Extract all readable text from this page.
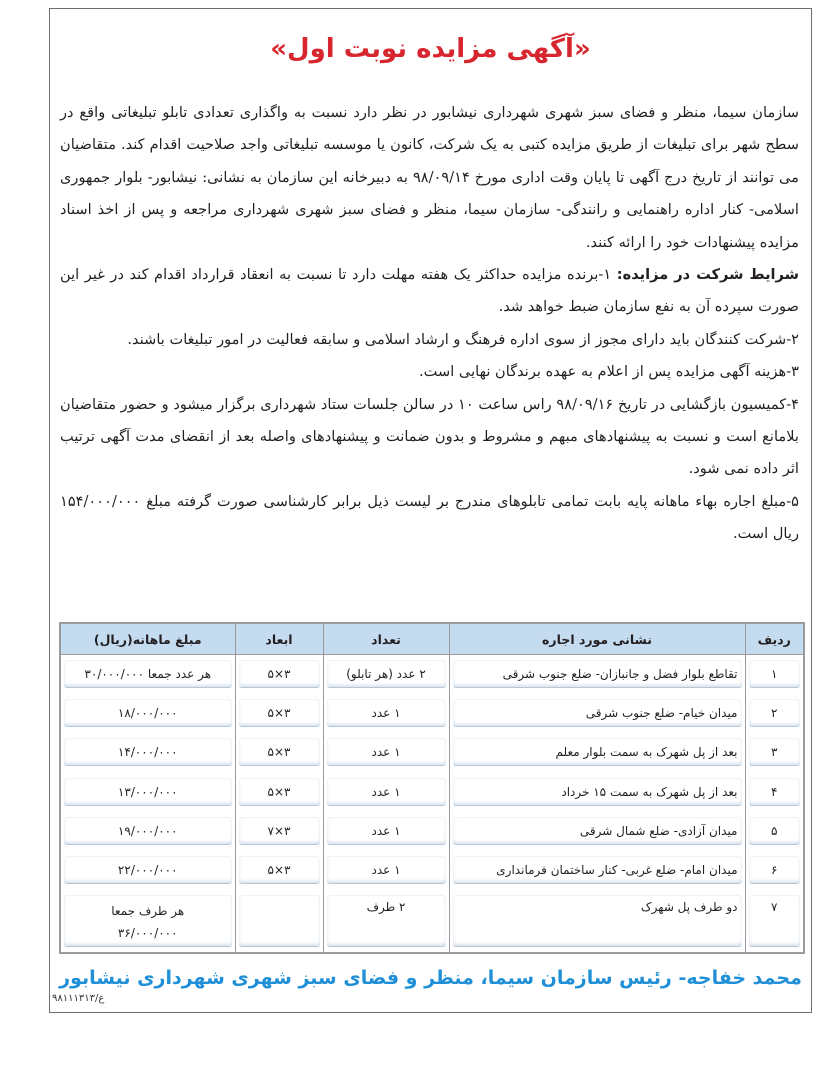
«آگهی مزایده نوبت اول»

سازمان سیما، منظر و فضای سبز شهری شهرداری نیشابور در نظر دارد نسبت به واگذاری تعدادی تابلو تبلیغاتی واقع در سطح شهر برای تبلیغات از طریق مزایده کتبی به یک شرکت، کانون یا موسسه تبلیغاتی واجد صلاحیت اقدام کند. متقاضیان می توانند از تاریخ درج آگهی تا پایان وقت اداری مورخ ۹۸/۰۹/۱۴ به دبیرخانه این سازمان به نشانی: نیشابور- بلوار جمهوری اسلامی- کنار اداره راهنمایی و رانندگی- سازمان سیما، منظر و فضای سبز شهری شهرداری مراجعه و پس از اخذ اسناد مزایده پیشنهادات خود را ارائه کنند.

شرایط شرکت در مزایده: ۱-برنده مزایده حداکثر یک هفته مهلت دارد تا نسبت به انعقاد قرارداد اقدام کند در غیر این صورت سپرده آن به نفع سازمان ضبط خواهد شد.

۲-شرکت کنندگان باید دارای مجوز از سوی اداره فرهنگ و ارشاد اسلامی و سابقه فعالیت در امور تبلیغات باشند.

۳-هزینه آگهی مزایده پس از اعلام به عهده برندگان نهایی است.

۴-کمیسیون بازگشایی در تاریخ ۹۸/۰۹/۱۶ راس ساعت ۱۰ در سالن جلسات ستاد شهرداری برگزار میشود و حضور متقاضیان بلامانع است و نسبت به پیشنهادهای مبهم و مشروط و بدون ضمانت و پیشنهادهای واصله بعد از انقضای مدت آگهی ترتیب اثر داده نمی شود.

۵-مبلغ اجاره بهاء ماهانه پایه بابت تمامی تابلوهای مندرج بر لیست ذیل برابر کارشناسی صورت گرفته مبلغ ۱۵۴/۰۰۰/۰۰۰ ریال است.

ردیف	نشانی مورد اجاره	تعداد	ابعاد	مبلغ ماهانه(ریال)

۱	تقاطع بلوار فضل و جانبازان- ضلع جنوب شرقی	۲ عدد (هر تابلو)	۳×۵	هر عدد جمعا ۳۰/۰۰۰/۰۰۰

۲	میدان خیام- ضلع جنوب شرقی	۱ عدد	۳×۵	۱۸/۰۰۰/۰۰۰

۳	بعد از پل شهرک به سمت بلوار معلم	۱ عدد	۳×۵	۱۴/۰۰۰/۰۰۰

۴	بعد از پل شهرک به سمت ۱۵ خرداد	۱ عدد	۳×۵	۱۳/۰۰۰/۰۰۰

۵	میدان آزادی- ضلع شمال شرقی	۱ عدد	۳×۷	۱۹/۰۰۰/۰۰۰

۶	میدان امام- ضلع غربی- کنار ساختمان فرمانداری	۱ عدد	۳×۵	۲۲/۰۰۰/۰۰۰

۷	دو طرف پل شهرک	۲ طرف		هر طرف جمعا
۳۶/۰۰۰/۰۰۰

محمد خفاجه- رئیس سازمان سیما، منظر و فضای سبز شهری شهرداری نیشابور

ع/۹۸۱۱۱۳۱۳
